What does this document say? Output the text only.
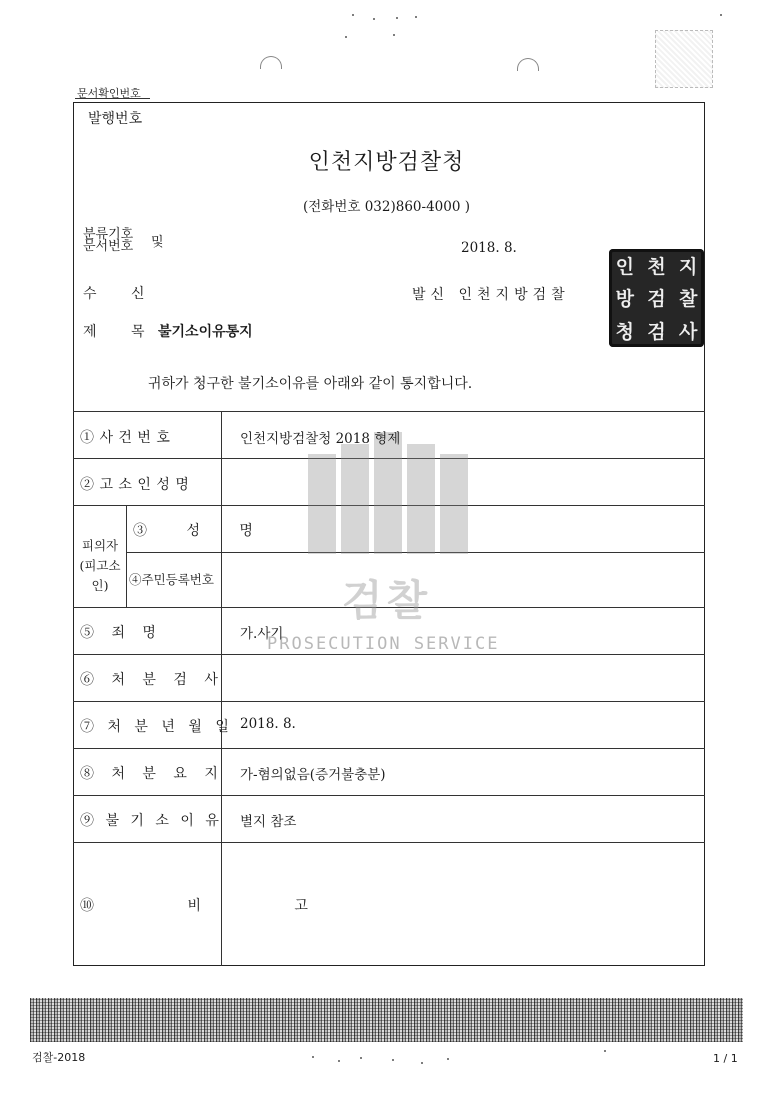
문서확인번호
발행번호
인천지방검찰청
(전화번호 032)860-4000 )
분류기호
문서번호 및	2018. 8.
수 신	발신 인천지방검찰
제 목 불기소이유통지
인 천 지
방 검 찰
청 검 사
귀하가 청구한 불기소이유를 아래와 같이 통지합니다.
검찰
PROSECUTION SERVICE
① 사 건 번 호	인천지방검찰청 2018 형제
② 고 소 인 성 명
피의자
(피고소인)
③ 성 명
④주민등록번호
⑤ 죄 명	가.사기
⑥ 처 분 검 사
⑦ 처 분 년 월 일 2018. 8.
⑧ 처 분 요 지 가-혐의없음(증거불충분)
⑨ 불 기 소 이 유 별지 참조
⑩ 비 고
검찰-2018	1 / 1
